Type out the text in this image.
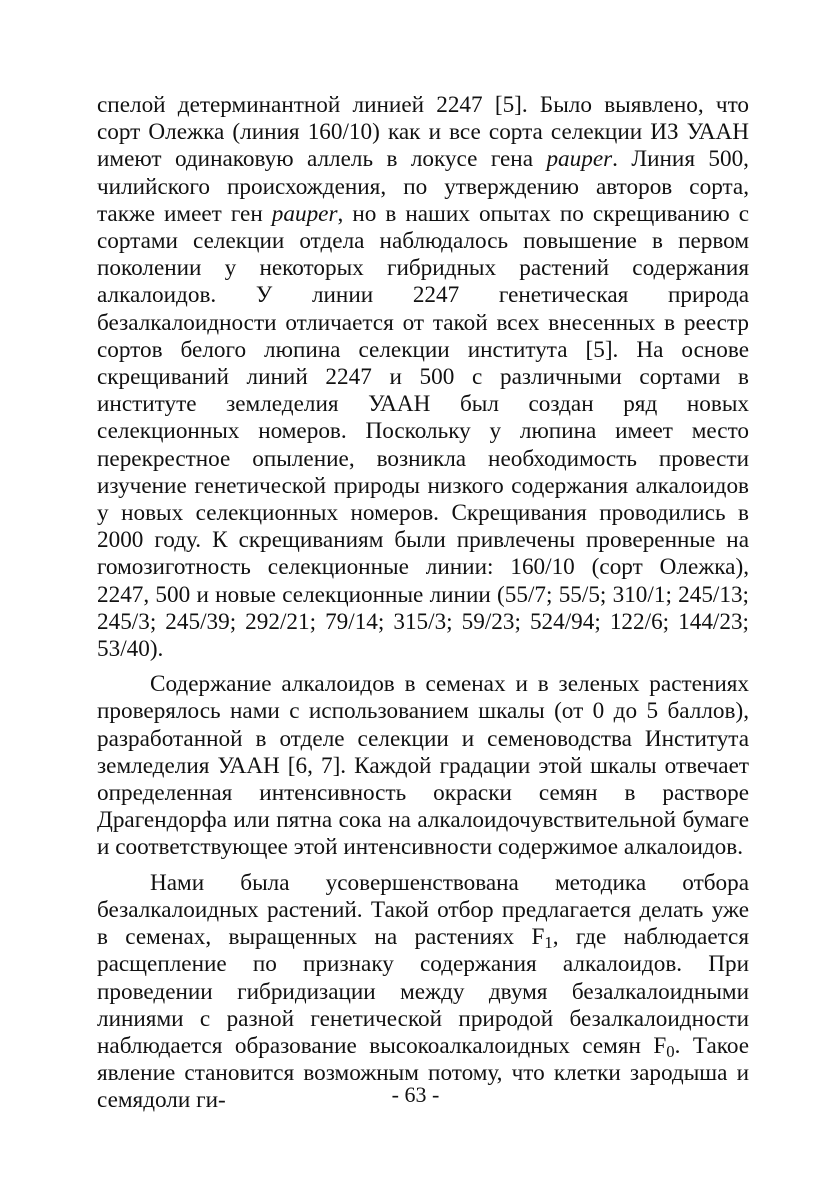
спелой детерминантной линией 2247 [5]. Было выявлено, что сорт Олежка (линия 160/10) как и все сорта селекции ИЗ УААН имеют одинаковую аллель в локусе гена pauper. Линия 500, чилийского происхождения, по утверждению авторов сорта, также имеет ген pauper, но в наших опытах по скрещиванию с сортами селекции отдела наблюдалось повышение в первом поколении у некоторых гибридных растений содержания алкалоидов. У линии 2247 генетическая природа безалкалоидности отличается от такой всех внесенных в реестр сортов белого люпина селекции института [5]. На основе скрещиваний линий 2247 и 500 с различными сортами в институте земледелия УААН был создан ряд новых селекционных номеров. Поскольку у люпина имеет место перекрестное опыление, возникла необходимость провести изучение генетической природы низкого содержания алкалоидов у новых селекционных номеров. Скрещивания проводились в 2000 году. К скрещиваниям были привлечены проверенные на гомозиготность селекционные линии: 160/10 (сорт Олежка), 2247, 500 и новые селекционные линии (55/7; 55/5; 310/1; 245/13; 245/3; 245/39; 292/21; 79/14; 315/3; 59/23; 524/94; 122/6; 144/23; 53/40).

Содержание алкалоидов в семенах и в зеленых растениях проверялось нами с использованием шкалы (от 0 до 5 баллов), разработанной в отделе селекции и семеноводства Института земледелия УААН [6, 7]. Каждой градации этой шкалы отвечает определенная интенсивность окраски семян в растворе Драгендорфа или пятна сока на алкалоидочувствительной бумаге и соответствующее этой интенсивности содержимое алкалоидов.

Нами была усовершенствована методика отбора безалкалоидных растений. Такой отбор предлагается делать уже в семенах, выращенных на растениях $F_1$, где наблюдается расщепление по признаку содержания алкалоидов. При проведении гибридизации между двумя безалкалоидными линиями с разной генетической природой безалкалоидности наблюдается образование высокоалкалоидных семян $F_0$. Такое явление становится возможным потому, что клетки зародыша и семядоли ги-	- 63 -
